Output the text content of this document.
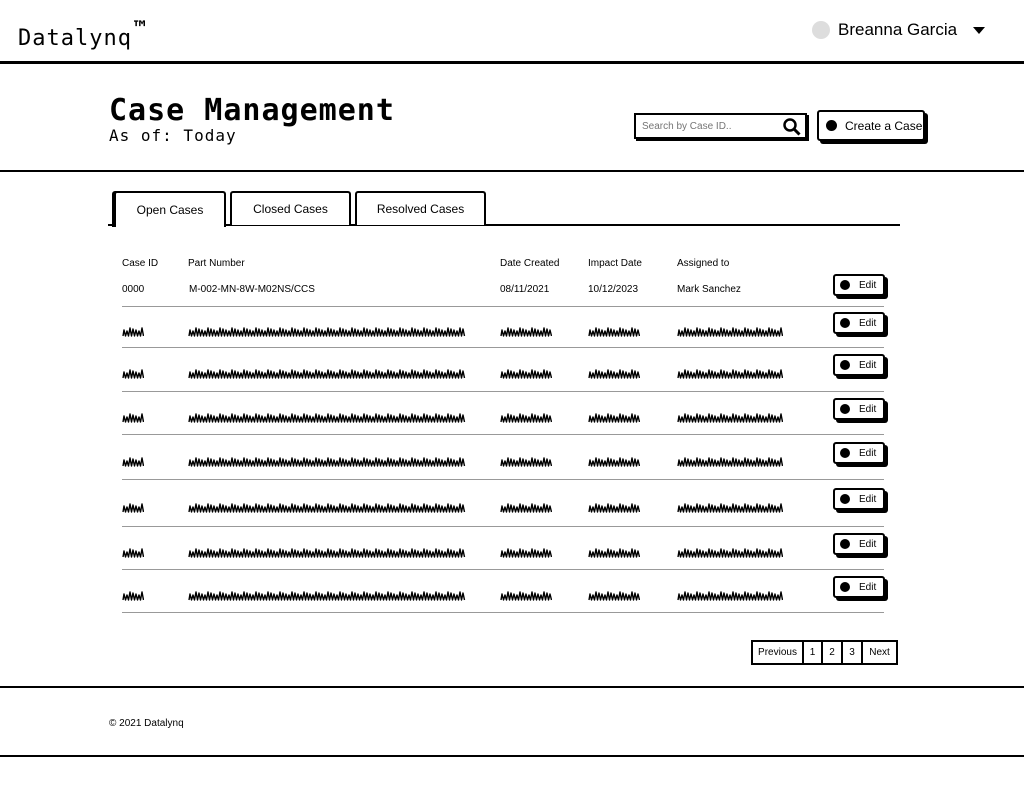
Datalynq ™	Breanna Garcia
Case Management
As of: Today
Search by Case ID..
Create a Case
Open Cases	Closed Cases	Resolved Cases
Case ID	Part Number	Date Created	Impact Date	Assigned to
0000	M-002-MN-8W-M02NS/CCS	08/11/2021	10/12/2023	Mark Sanchez	Edit
Edit
Edit
Edit
Edit
Edit
Edit
Edit
Previous	1	2	3	Next
© 2021 Datalynq
